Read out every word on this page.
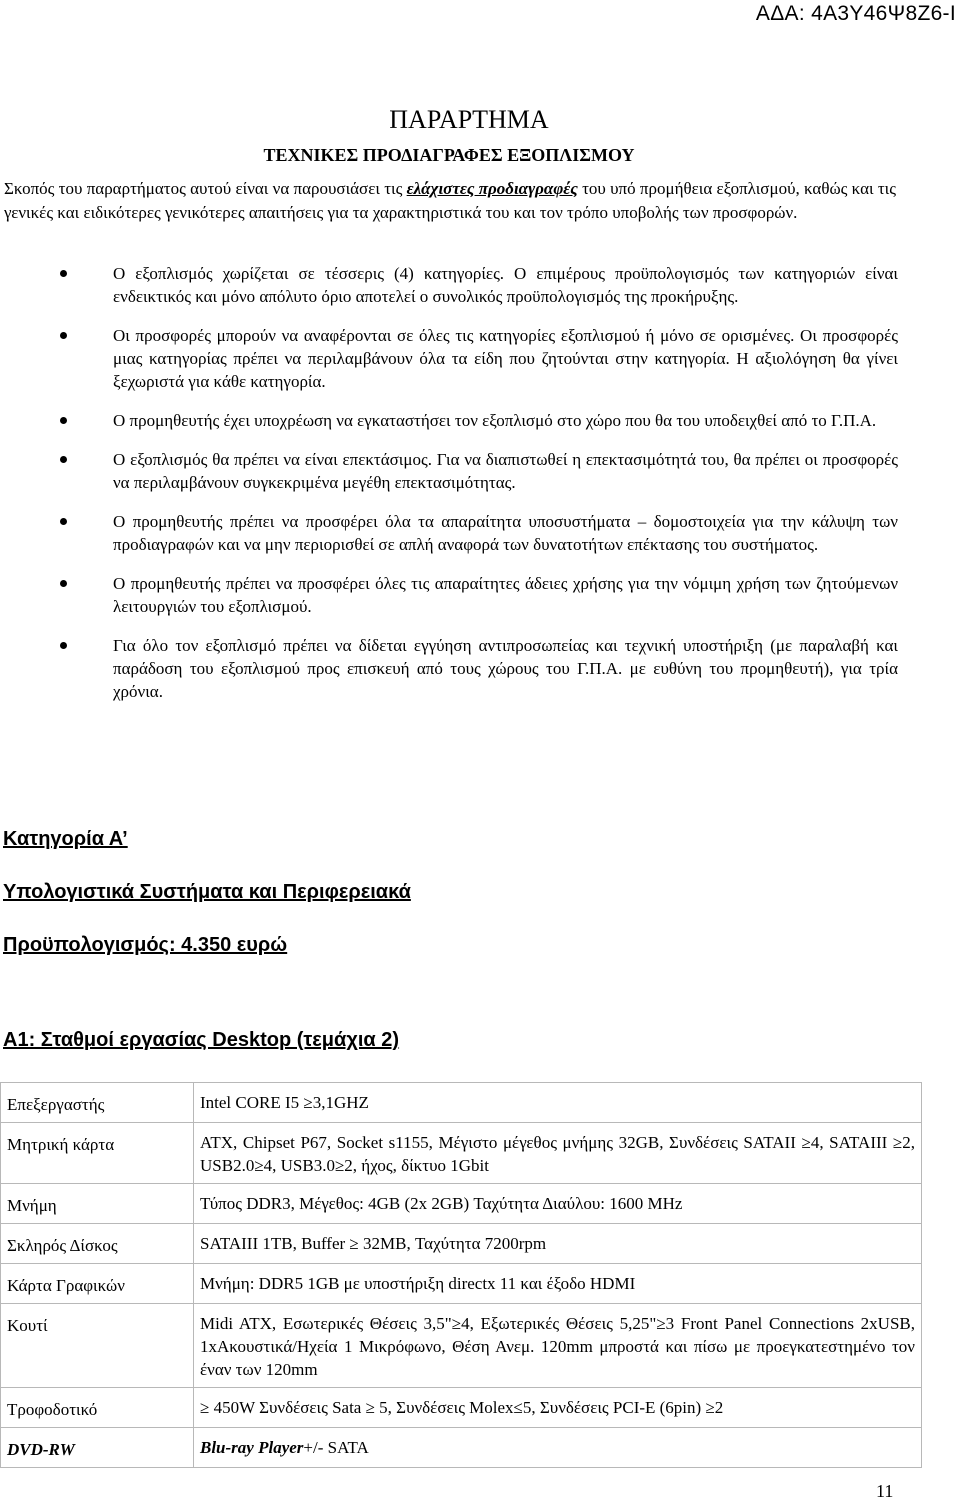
ΑΔΑ: 4Α3Υ46Ψ8Ζ6-Ι
ΠΑΡΑΡΤΗΜΑ
ΤΕΧΝΙΚΕΣ ΠΡΟΔΙΑΓΡΑΦΕΣ ΕΞΟΠΛΙΣΜΟΥ
Σκοπός του παραρτήματος αυτού είναι να παρουσιάσει τις ελάχιστες προδιαγραφές του υπό προμήθεια εξοπλισμού, καθώς και τις γενικές και ειδικότερες γενικότερες απαιτήσεις για τα χαρακτηριστικά του και τον τρόπο υποβολής των προσφορών.
Ο εξοπλισμός χωρίζεται σε τέσσερις (4) κατηγορίες. Ο επιμέρους προϋπολογισμός των κατηγοριών είναι ενδεικτικός και μόνο απόλυτο όριο αποτελεί ο συνολικός προϋπολογισμός της προκήρυξης.
Οι προσφορές μπορούν να αναφέρονται σε όλες τις κατηγορίες εξοπλισμού ή μόνο σε ορισμένες. Οι προσφορές μιας κατηγορίας πρέπει να περιλαμβάνουν όλα τα είδη που ζητούνται στην κατηγορία. Η αξιολόγηση θα γίνει ξεχωριστά για κάθε κατηγορία.
Ο προμηθευτής έχει υποχρέωση να εγκαταστήσει τον εξοπλισμό στο χώρο που θα του υποδειχθεί από το Γ.Π.Α.
Ο εξοπλισμός θα πρέπει να είναι επεκτάσιμος. Για να διαπιστωθεί η επεκτασιμότητά του, θα πρέπει οι προσφορές να περιλαμβάνουν συγκεκριμένα μεγέθη επεκτασιμότητας.
Ο προμηθευτής πρέπει να προσφέρει όλα τα απαραίτητα υποσυστήματα – δομοστοιχεία για την κάλυψη των προδιαγραφών και να μην περιορισθεί σε απλή αναφορά των δυνατοτήτων επέκτασης του συστήματος.
Ο προμηθευτής πρέπει να προσφέρει όλες τις απαραίτητες άδειες χρήσης για την νόμιμη χρήση των ζητούμενων λειτουργιών του εξοπλισμού.
Για όλο τον εξοπλισμό πρέπει να δίδεται εγγύηση αντιπροσωπείας και τεχνική υποστήριξη (με παραλαβή και παράδοση του εξοπλισμού προς επισκευή από τους χώρους του Γ.Π.Α. με ευθύνη του προμηθευτή), για τρία χρόνια.
Κατηγορία Α’
Υπολογιστικά Συστήματα και Περιφερειακά
Προϋπολογισμός: 4.350 ευρώ
Α1: Σταθμοί εργασίας Desktop (τεμάχια 2)
Επεξεργαστής	Intel CORE I5 ≥3,1GHZ
Μητρική κάρτα	ATX, Chipset P67, Socket s1155, Μέγιστο μέγεθος μνήμης 32GB, Συνδέσεις SATAII ≥4, SATAIII ≥2, USB2.0≥4, USB3.0≥2, ήχος, δίκτυο 1Gbit
Μνήμη	Τύπος DDR3, Μέγεθος: 4GB (2x 2GB) Ταχύτητα Διαύλου: 1600 MHz
Σκληρός Δίσκος	SATAIII 1TB, Buffer ≥ 32MB, Ταχύτητα 7200rpm
Κάρτα Γραφικών	Μνήμη: DDR5 1GB με υποστήριξη directx 11 και έξοδο HDMI
Κουτί	Midi ATX, Εσωτερικές Θέσεις 3,5"≥4, Εξωτερικές Θέσεις 5,25"≥3 Front Panel Connections 2xUSB, 1xΑκουστικά/Ηχεία 1 Μικρόφωνο, Θέση Ανεμ. 120mm μπροστά και πίσω με προεγκατεστημένο τον έναν των 120mm
Τροφοδοτικό	≥ 450W Συνδέσεις Sata ≥ 5, Συνδέσεις Molex≤5, Συνδέσεις PCI-E (6pin) ≥2
DVD-RW	Blu-ray Player+/- SATA
11
